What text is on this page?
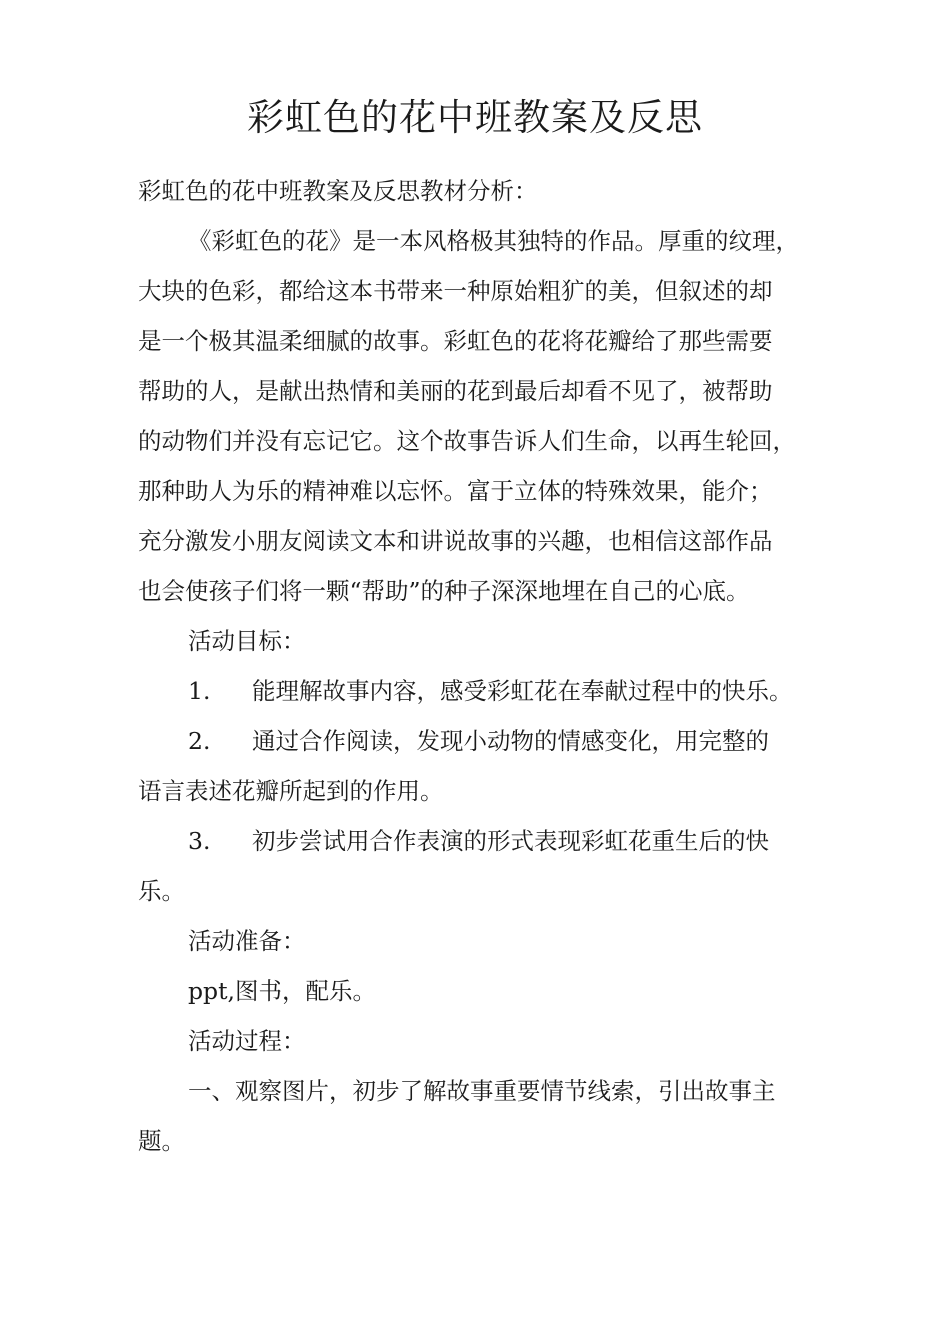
彩虹色的花中班教案及反思
彩虹色的花中班教案及反思教材分析：
《彩虹色的花》是一本风格极其独特的作品。厚重的纹理，
大块的色彩，都给这本书带来一种原始粗犷的美，但叙述的却
是一个极其温柔细腻的故事。彩虹色的花将花瓣给了那些需要
帮助的人，是献出热情和美丽的花到最后却看不见了，被帮助
的动物们并没有忘记它。这个故事告诉人们生命，以再生轮回，
那种助人为乐的精神难以忘怀。富于立体的特殊效果，能介；
充分激发小朋友阅读文本和讲说故事的兴趣，也相信这部作品
也会使孩子们将一颗“帮助”的种子深深地埋在自己的心底。
活动目标：
1. 能理解故事内容，感受彩虹花在奉献过程中的快乐。
2. 通过合作阅读，发现小动物的情感变化，用完整的
语言表述花瓣所起到的作用。
3. 初步尝试用合作表演的形式表现彩虹花重生后的快
乐。
活动准备：
ppt,图书，配乐。
活动过程：
一、观察图片，初步了解故事重要情节线索，引出故事主
题。
